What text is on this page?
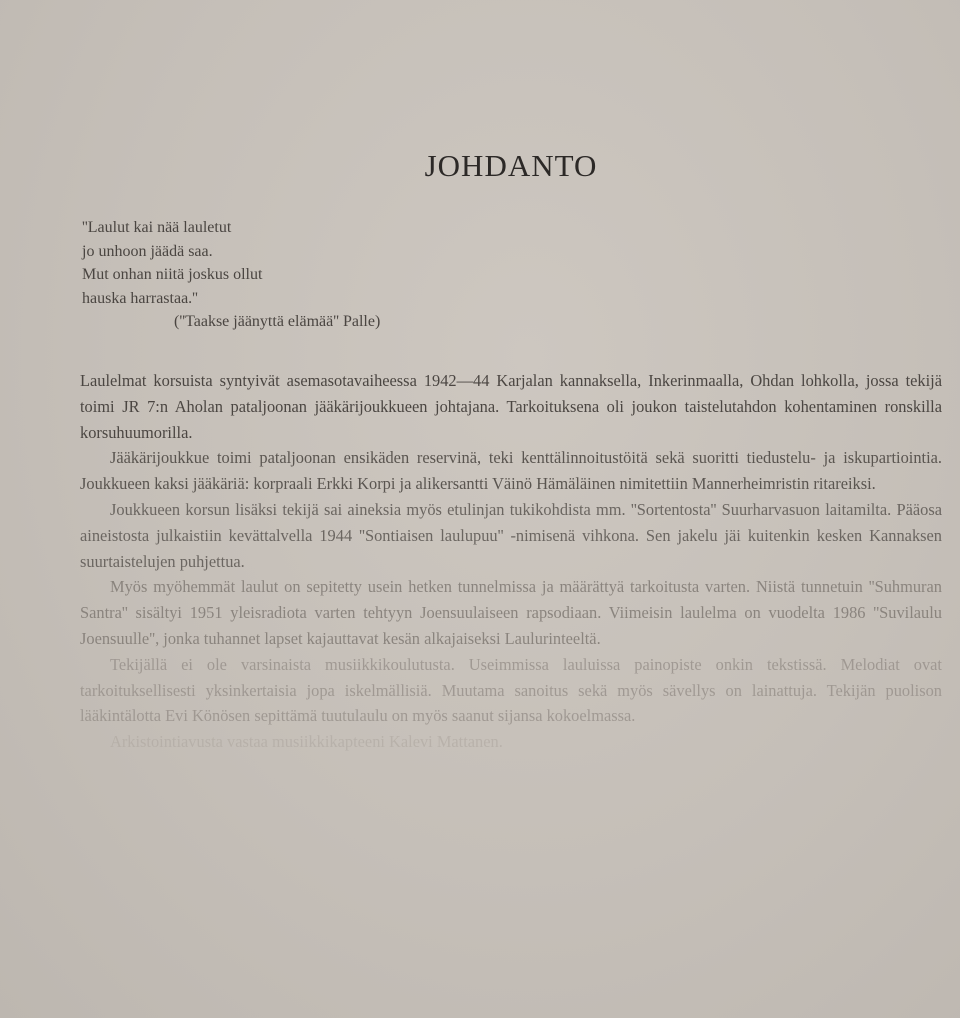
JOHDANTO
''Laulut kai nää lauletut
jo unhoon jäädä saa.
Mut onhan niitä joskus ollut
hauska harrastaa.''
(''Taakse jäänyttä elämää'' Palle)

Laulelmat korsuista syntyivät asemasotavaiheessa 1942—44 Karjalan kannaksella, Inkerinmaalla, Ohdan lohkolla, jossa tekijä toimi JR 7:n Aholan pataljoonan jääkärijoukkueen johtajana. Tarkoituksena oli joukon taistelutahdon kohentaminen ronskilla korsuhuumorilla.

Jääkärijoukkue toimi pataljoonan ensikäden reservinä, teki kenttälinnoitustöitä sekä suoritti tiedustelu- ja iskupartiointia. Joukkueen kaksi jääkäriä: korpraali Erkki Korpi ja alikersantti Väinö Hämäläinen nimitettiin Mannerheimristin ritareiksi.

Joukkueen korsun lisäksi tekijä sai aineksia myös etulinjan tukikohdista mm. ''Sortentosta'' Suurharvasuon laitamilta. Pääosa aineistosta julkaistiin kevättalvella 1944 ''Sontiaisen laulupuu'' -nimisenä vihkona. Sen jakelu jäi kuitenkin kesken Kannaksen suurtaistelujen puhjettua.

Myös myöhemmät laulut on sepitetty usein hetken tunnelmissa ja määrättyä tarkoitusta varten. Niistä tunnetuin ''Suhmuran Santra'' sisältyi 1951 yleisradiota varten tehtyyn Joensuulaiseen rapsodiaan. Viimeisin laulelma on vuodelta 1986 ''Suvilaulu Joensuulle'', jonka tuhannet lapset kajauttavat kesän alkajaiseksi Laulurinteeltä.

Tekijällä ei ole varsinaista musiikkikoulutusta. Useimmissa lauluissa painopiste onkin tekstissä. Melodiat ovat tarkoituksellisesti yksinkertaisia jopa iskelmällisiä. Muutama sanoitus sekä myös sävellys on lainattuja. Tekijän puolison lääkintälotta Evi Könösen sepittämä tuutulaulu on myös saanut sijansa kokoelmassa.

Arkistointiavusta vastaa musiikkikapteeni Kalevi Mattanen.
